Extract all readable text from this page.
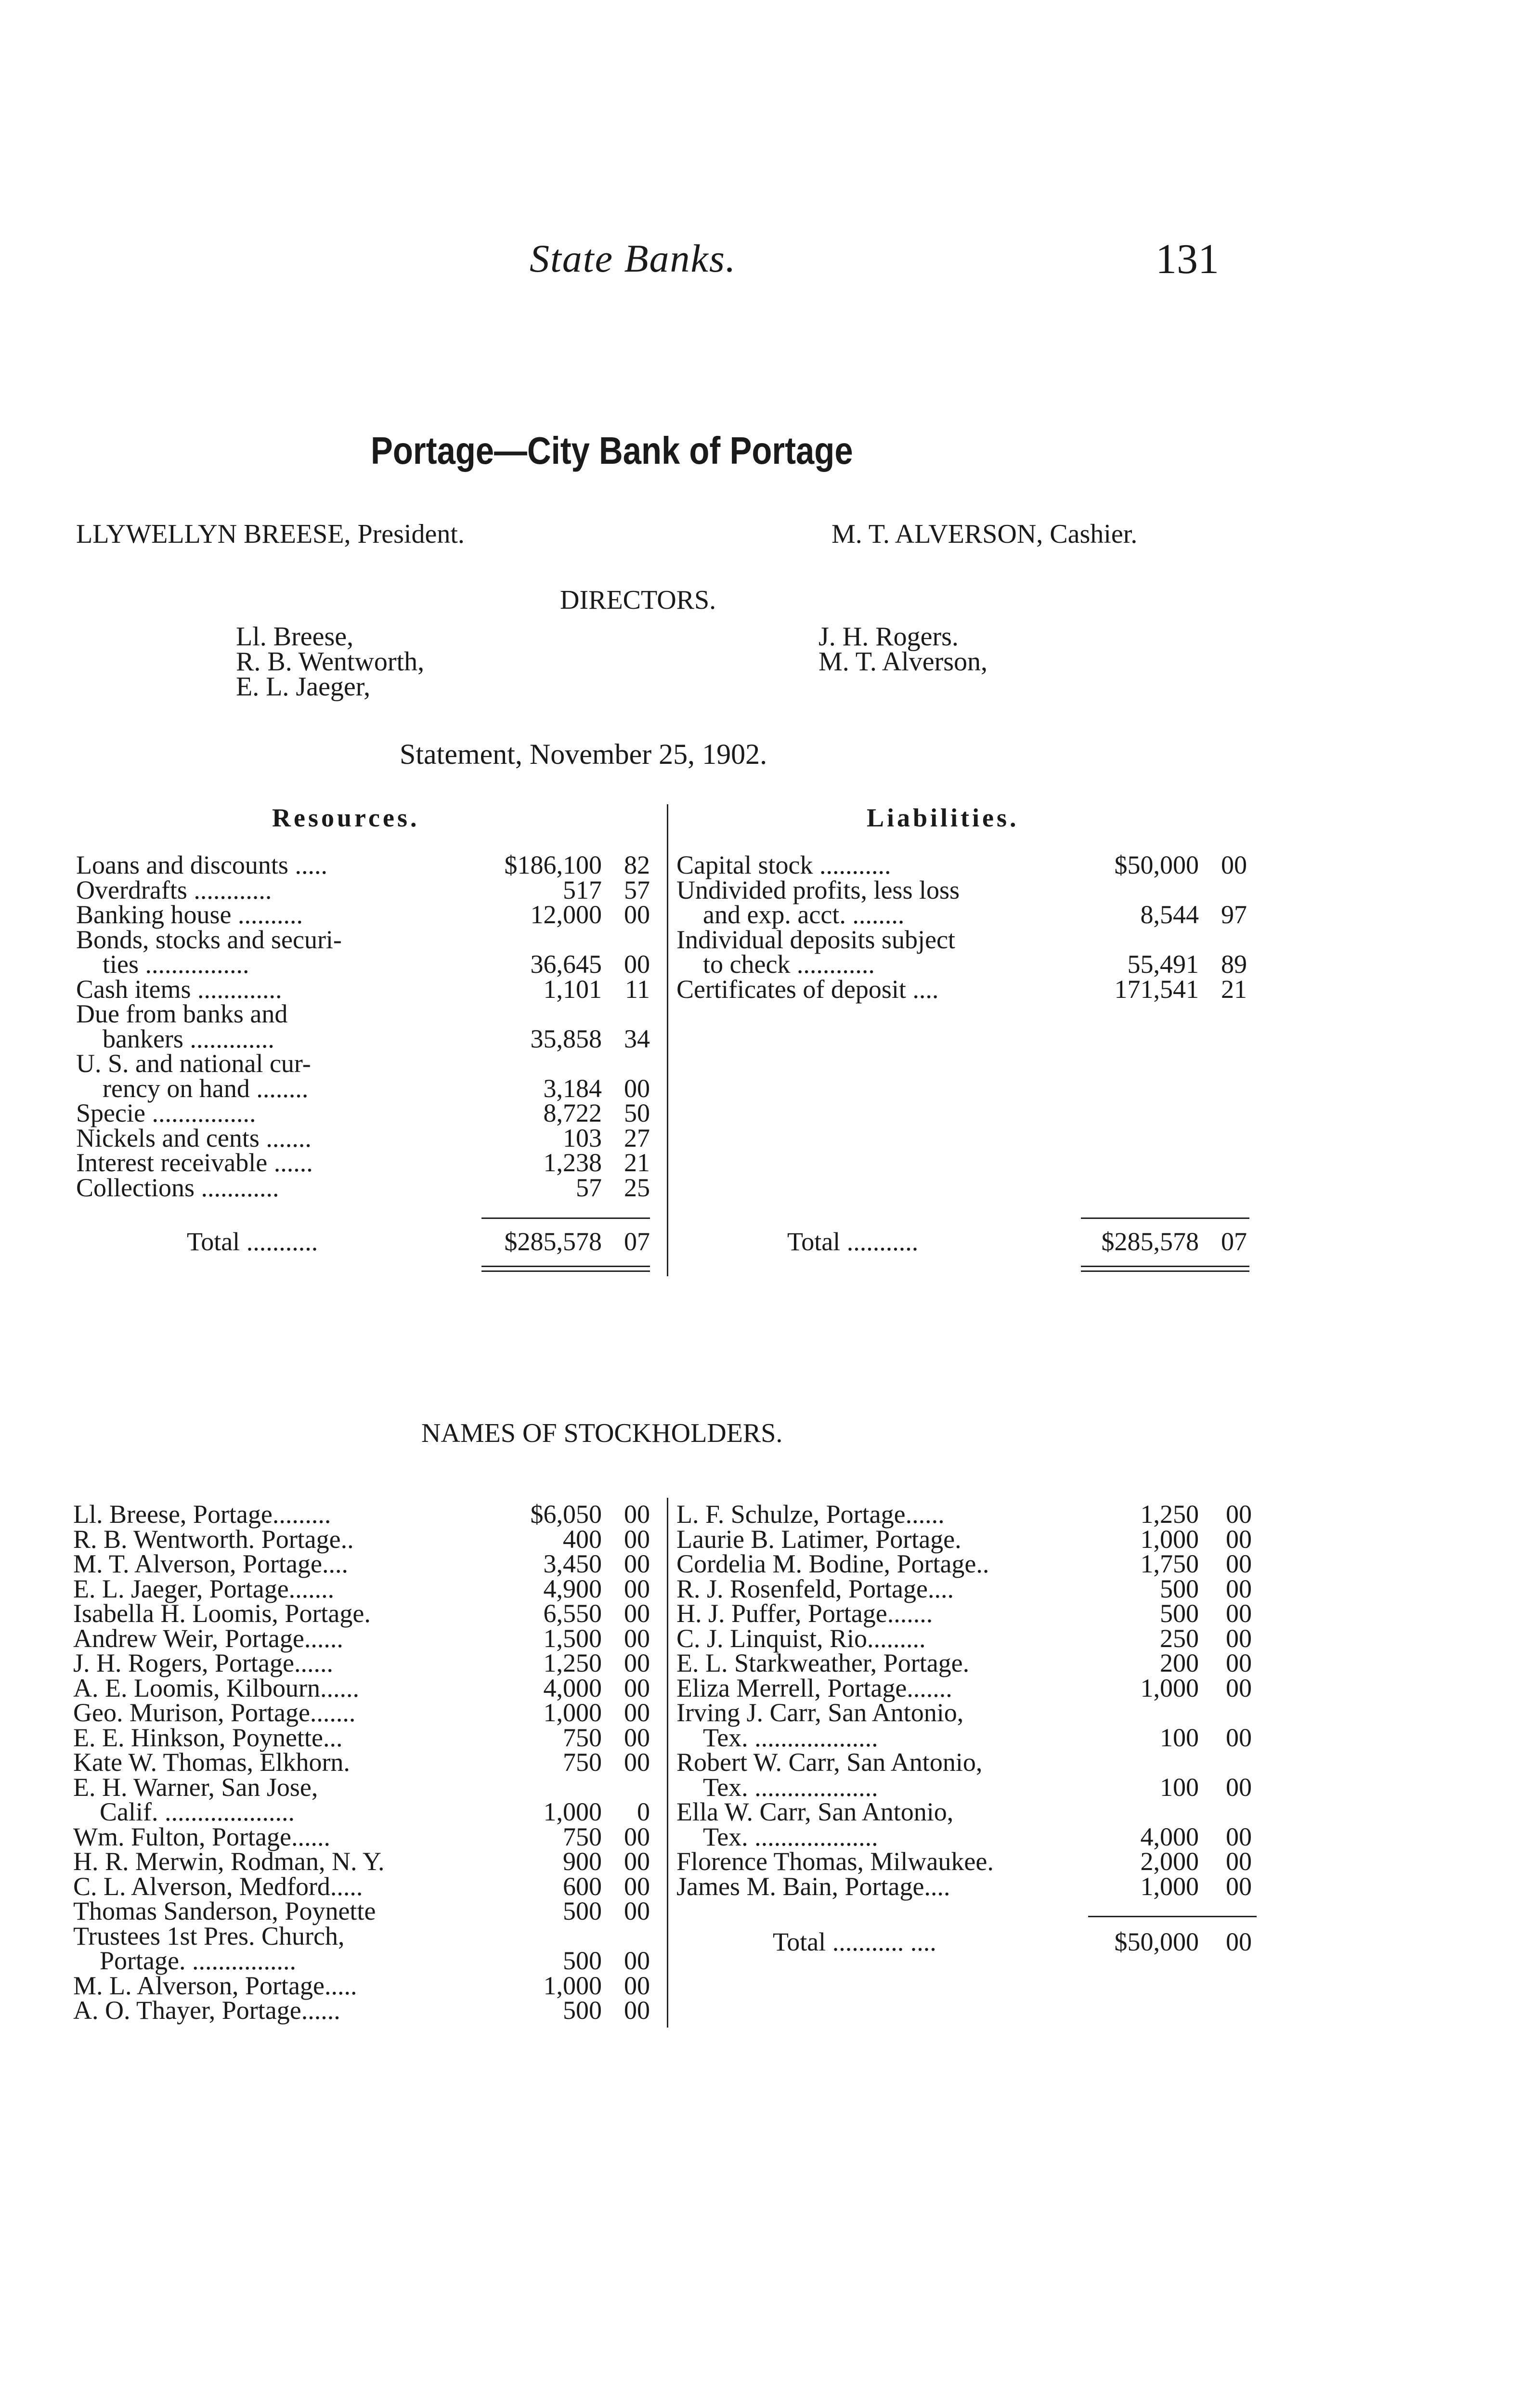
State Banks.	131
Portage—City Bank of Portage
LLYWELLYN BREESE, President.	M. T. ALVERSON, Cashier.
DIRECTORS.
Ll. Breese,
R. B. Wentworth,
E. L. Jaeger,
J. H. Rogers.
M. T. Alverson,
Statement, November 25, 1902.
Resources.	Liabilities.
Loans and discounts .....	$186,100 82
Overdrafts ............	517 57
Banking house ..........	12,000 00
Bonds, stocks and securi-
ties ................	36,645 00
Cash items .............	1,101 11
Due from banks and
bankers .............	35,858 34
U. S. and national cur-
rency on hand ........	3,184 00
Specie ................	8,722 50
Nickels and cents .......	103 27
Interest receivable ......	1,238 21
Collections ............	57 25
Total ...........	$285,578 07
Capital stock ...........	$50,000 00
Undivided profits, less loss
and exp. acct. ........	8,544 97
Individual deposits subject
to check ............	55,491 89
Certificates of deposit ....	171,541 21
Total ...........	$285,578 07
NAMES OF STOCKHOLDERS.
Ll. Breese, Portage.........	$6,050 00
R. B. Wentworth. Portage..	400 00
M. T. Alverson, Portage....	3,450 00
E. L. Jaeger, Portage.......	4,900 00
Isabella H. Loomis, Portage.	6,550 00
Andrew Weir, Portage......	1,500 00
J. H. Rogers, Portage......	1,250 00
A. E. Loomis, Kilbourn......	4,000 00
Geo. Murison, Portage.......	1,000 00
E. E. Hinkson, Poynette...	750 00
Kate W. Thomas, Elkhorn.	750 00
E. H. Warner, San Jose,
Calif. ....................	1,000 0
Wm. Fulton, Portage......	750 00
H. R. Merwin, Rodman, N. Y.	900 00
C. L. Alverson, Medford.....	600 00
Thomas Sanderson, Poynette	500 00
Trustees 1st Pres. Church,
Portage. ................	500 00
M. L. Alverson, Portage.....	1,000 00
A. O. Thayer, Portage......	500 00
L. F. Schulze, Portage......	1,250 00
Laurie B. Latimer, Portage.	1,000 00
Cordelia M. Bodine, Portage..	1,750 00
R. J. Rosenfeld, Portage....	500 00
H. J. Puffer, Portage.......	500 00
C. J. Linquist, Rio.........	250 00
E. L. Starkweather, Portage.	200 00
Eliza Merrell, Portage.......	1,000 00
Irving J. Carr, San Antonio,
Tex. ...................	100 00
Robert W. Carr, San Antonio,
Tex. ...................	100 00
Ella W. Carr, San Antonio,
Tex. ...................	4,000 00
Florence Thomas, Milwaukee.	2,000 00
James M. Bain, Portage....	1,000 00
Total ........... ....	$50,000 00
